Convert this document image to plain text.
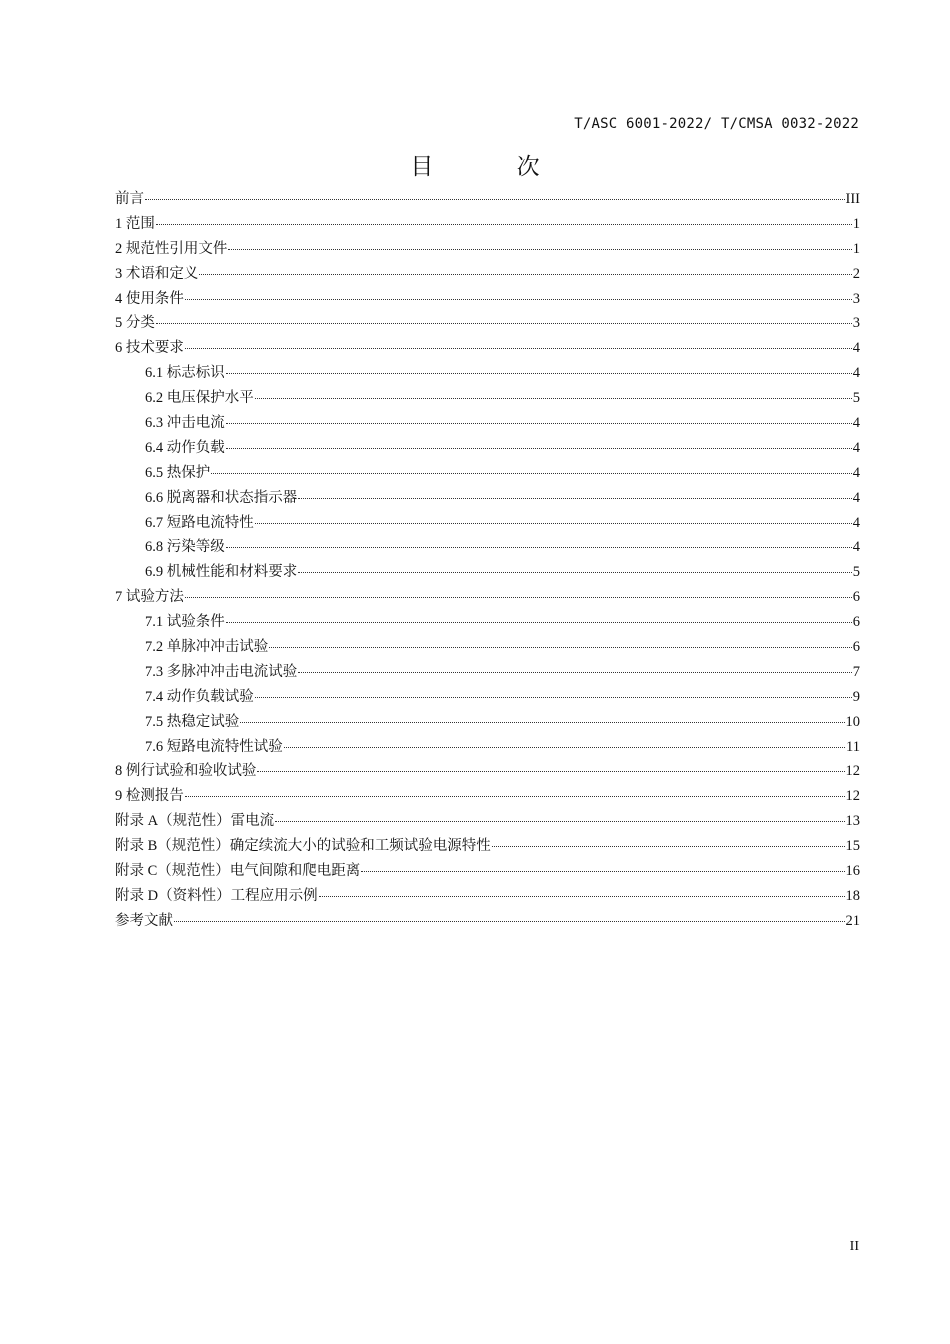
T/ASC 6001-2022/ T/CMSA 0032-2022
目 次
前言	III
1 范围	1
2 规范性引用文件	1
3 术语和定义	2
4 使用条件	3
5 分类	3
6 技术要求	4
6.1 标志标识	4
6.2 电压保护水平	5
6.3 冲击电流	4
6.4 动作负载	4
6.5 热保护	4
6.6 脱离器和状态指示器	4
6.7 短路电流特性	4
6.8 污染等级	4
6.9 机械性能和材料要求	5
7 试验方法	6
7.1 试验条件	6
7.2 单脉冲冲击试验	6
7.3 多脉冲冲击电流试验	7
7.4 动作负载试验	9
7.5 热稳定试验	10
7.6 短路电流特性试验	11
8 例行试验和验收试验	12
9 检测报告	12
附录 A（规范性）雷电流	13
附录 B（规范性）确定续流大小的试验和工频试验电源特性	15
附录 C（规范性）电气间隙和爬电距离	16
附录 D（资料性）工程应用示例	18
参考文献	21
II
